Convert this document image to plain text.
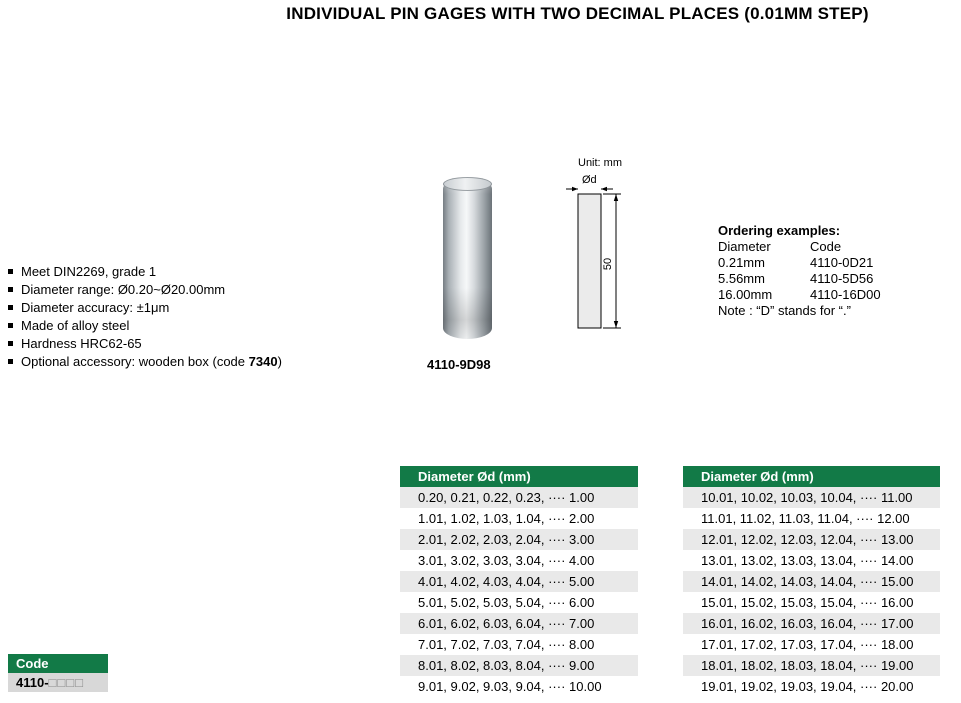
INDIVIDUAL PIN GAGES WITH TWO DECIMAL PLACES (0.01MM STEP)
Meet DIN2269, grade 1
Diameter range: Ø0.20~Ø20.00mm
Diameter accuracy: ±1μm
Made of alloy steel
Hardness HRC62-65
Optional accessory: wooden box (code 7340)	4110-9D98
Unit: mm
Ød
50
Ordering examples:
Diameter	Code
0.21mm	4110-0D21
5.56mm	4110-5D56
16.00mm	4110-16D00
Note : “D” stands for “.”
Code
4110-□□□□
Diameter Ød (mm)
0.20, 0.21, 0.22, 0.23, ···· 1.00
1.01, 1.02, 1.03, 1.04, ···· 2.00
2.01, 2.02, 2.03, 2.04, ···· 3.00
3.01, 3.02, 3.03, 3.04, ···· 4.00
4.01, 4.02, 4.03, 4.04, ···· 5.00
5.01, 5.02, 5.03, 5.04, ···· 6.00
6.01, 6.02, 6.03, 6.04, ···· 7.00
7.01, 7.02, 7.03, 7.04, ···· 8.00
8.01, 8.02, 8.03, 8.04, ···· 9.00
9.01, 9.02, 9.03, 9.04, ···· 10.00
Diameter Ød (mm)
10.01, 10.02, 10.03, 10.04, ···· 11.00
11.01, 11.02, 11.03, 11.04, ···· 12.00
12.01, 12.02, 12.03, 12.04, ···· 13.00
13.01, 13.02, 13.03, 13.04, ···· 14.00
14.01, 14.02, 14.03, 14.04, ···· 15.00
15.01, 15.02, 15.03, 15.04, ···· 16.00
16.01, 16.02, 16.03, 16.04, ···· 17.00
17.01, 17.02, 17.03, 17.04, ···· 18.00
18.01, 18.02, 18.03, 18.04, ···· 19.00
19.01, 19.02, 19.03, 19.04, ···· 20.00
